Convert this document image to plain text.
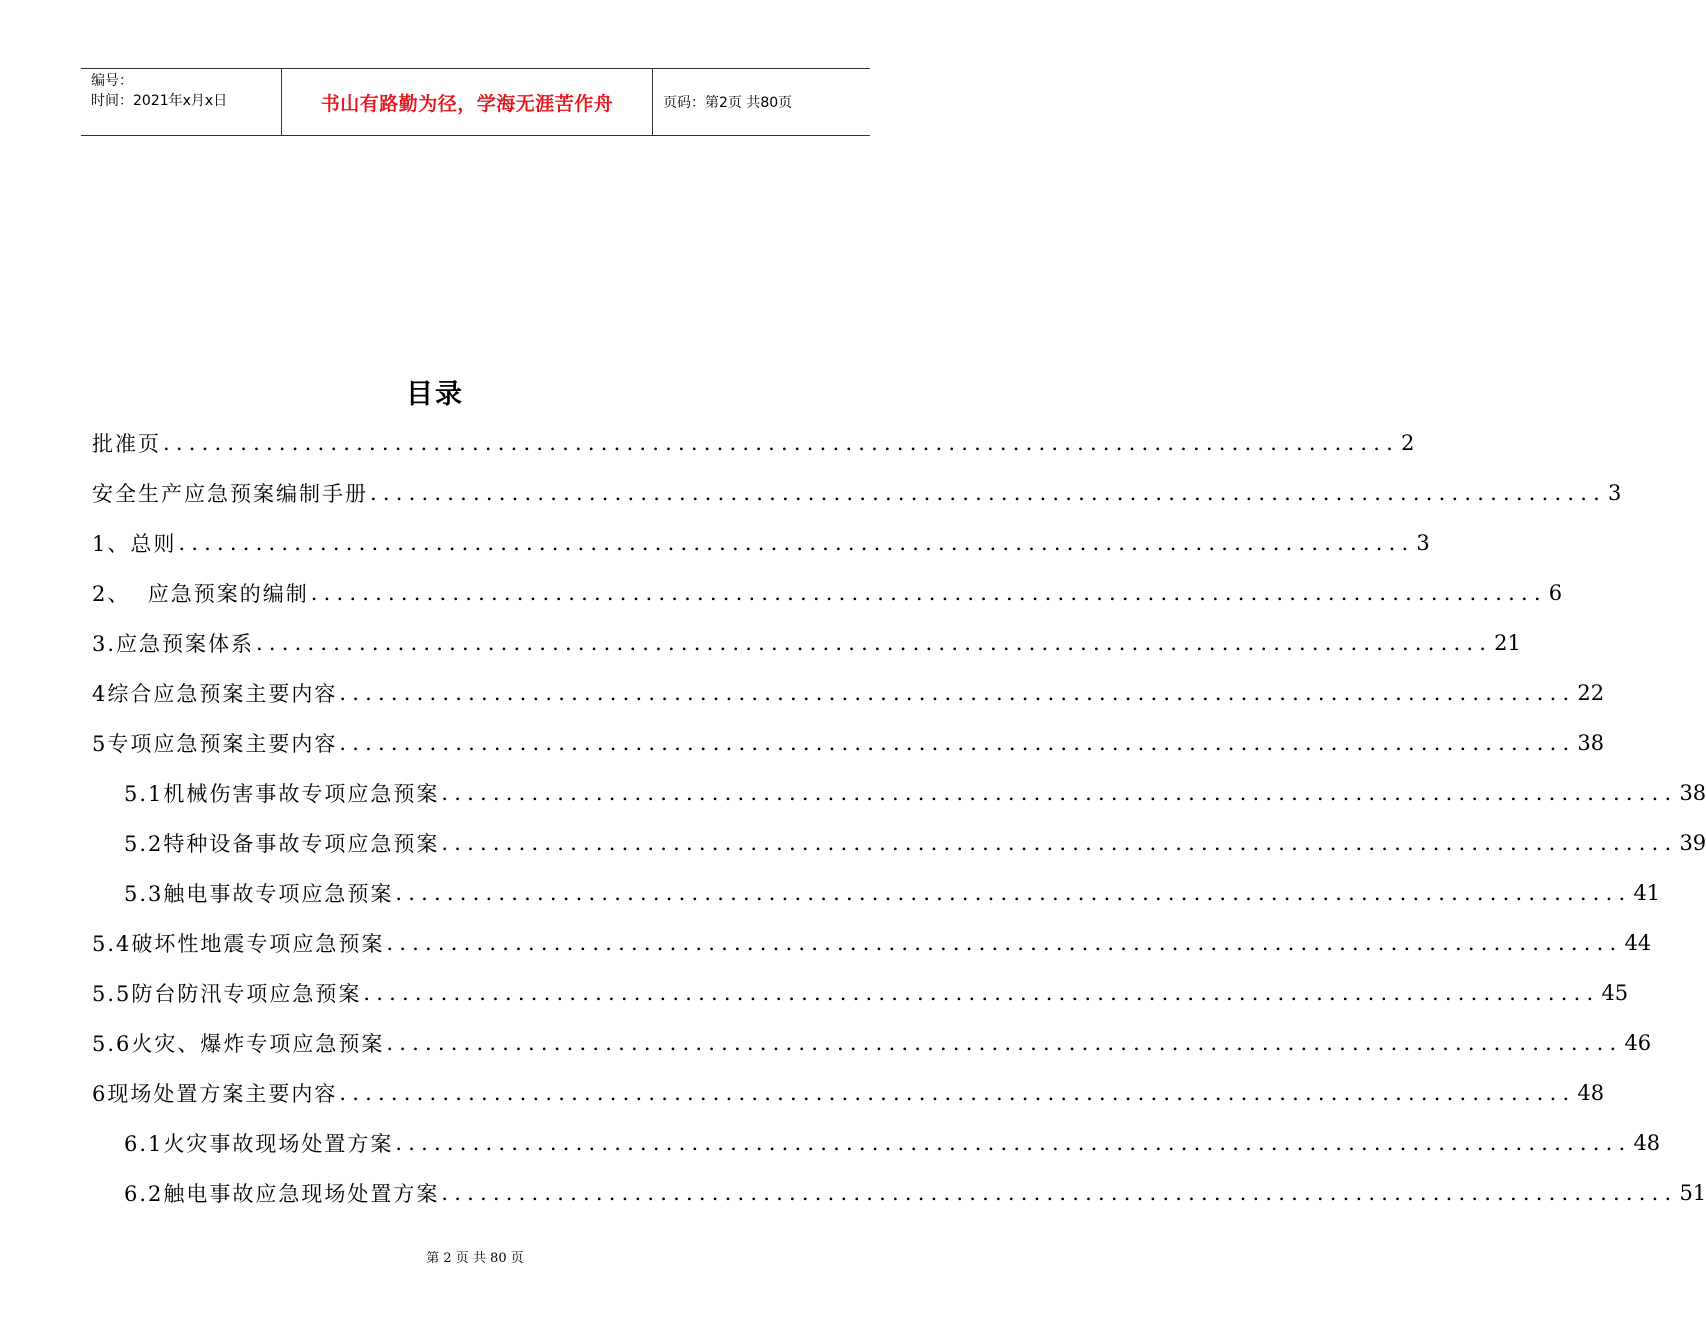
编号：
时间：2021年x月x日	书山有路勤为径，学海无涯苦作舟	页码：第2页 共80页
目录
批准页 ................................................................................................ 2
安全生产应急预案编制手册 ................................................................................................ 3
1、总则 ................................................................................................ 3
2、  应急预案的编制 ................................................................................................ 6
3.应急预案体系 ................................................................................................ 21
4综合应急预案主要内容 ................................................................................................ 22
5专项应急预案主要内容 ................................................................................................ 38
5.1机械伤害事故专项应急预案 ................................................................................................ 38
5.2特种设备事故专项应急预案 ................................................................................................ 39
5.3触电事故专项应急预案 ................................................................................................ 41
5.4破坏性地震专项应急预案 ................................................................................................ 44
5.5防台防汛专项应急预案 ................................................................................................ 45
5.6火灾、爆炸专项应急预案 ................................................................................................ 46
6现场处置方案主要内容 ................................................................................................ 48
6.1火灾事故现场处置方案 ................................................................................................ 48
6.2触电事故应急现场处置方案 ................................................................................................ 51
第 2 页 共 80 页
